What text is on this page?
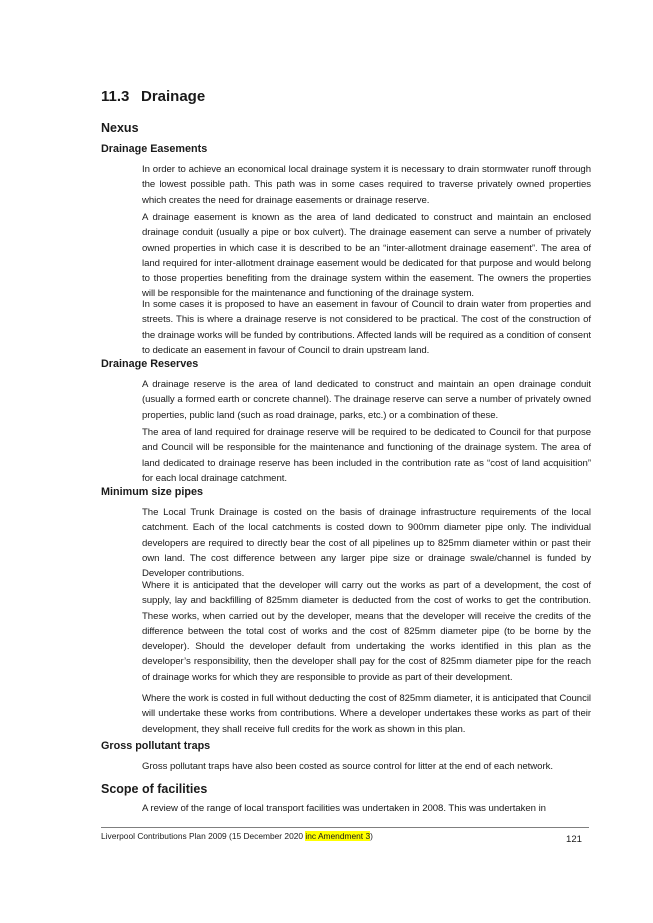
11.3 Drainage
Nexus
Drainage Easements

In order to achieve an economical local drainage system it is necessary to drain stormwater runoff through the lowest possible path. This path was in some cases required to traverse privately owned properties which creates the need for drainage easements or drainage reserve.

A drainage easement is known as the area of land dedicated to construct and maintain an enclosed drainage conduit (usually a pipe or box culvert). The drainage easement can serve a number of privately owned properties in which case it is described to be an “inter-allotment drainage easement”. The area of land required for inter-allotment drainage easement would be dedicated for that purpose and would belong to those properties benefiting from the drainage system within the easement. The owners the properties will be responsible for the maintenance and functioning of the drainage system.

In some cases it is proposed to have an easement in favour of Council to drain water from properties and streets. This is where a drainage reserve is not considered to be practical. The cost of the construction of the drainage works will be funded by contributions. Affected lands will be required as a condition of consent to dedicate an easement in favour of Council to drain upstream land.

Drainage Reserves

A drainage reserve is the area of land dedicated to construct and maintain an open drainage conduit (usually a formed earth or concrete channel). The drainage reserve can serve a number of privately owned properties, public land (such as road drainage, parks, etc.) or a combination of these.

The area of land required for drainage reserve will be required to be dedicated to Council for that purpose and Council will be responsible for the maintenance and functioning of the drainage system. The area of land dedicated to drainage reserve has been included in the contribution rate as “cost of land acquisition” for each local drainage catchment.

Minimum size pipes

The Local Trunk Drainage is costed on the basis of drainage infrastructure requirements of the local catchment. Each of the local catchments is costed down to 900mm diameter pipe only. The individual developers are required to directly bear the cost of all pipelines up to 825mm diameter within or past their own land. The cost difference between any larger pipe size or drainage swale/channel is funded by Developer contributions.

Where it is anticipated that the developer will carry out the works as part of a development, the cost of supply, lay and backfilling of 825mm diameter is deducted from the cost of works to get the contribution. These works, when carried out by the developer, means that the developer will receive the credits of the difference between the total cost of works and the cost of 825mm diameter pipe (to be borne by the developer). Should the developer default from undertaking the works identified in this plan as the developer’s responsibility, then the developer shall pay for the cost of 825mm diameter pipe for the reach of drainage works for which they are responsible to provide as part of their development.

Where the work is costed in full without deducting the cost of 825mm diameter, it is anticipated that Council will undertake these works from contributions. Where a developer undertakes these works as part of their development, they shall receive full credits for the work as shown in this plan.

Gross pollutant traps

Gross pollutant traps have also been costed as source control for litter at the end of each network.

Scope of facilities

A review of the range of local transport facilities was undertaken in 2008. This was undertaken in

Liverpool Contributions Plan 2009 (15 December 2020 inc Amendment 3)	121
